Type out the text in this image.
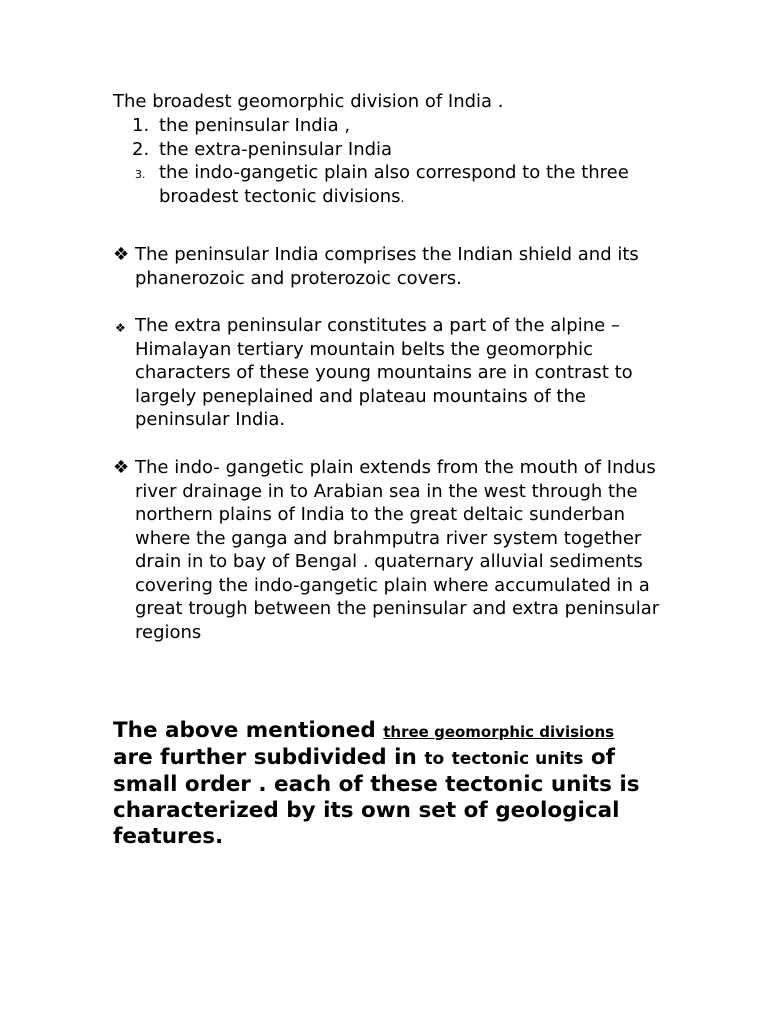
The broadest geomorphic division of India .

1. the peninsular India ,
2. the extra-peninsular India
3. the indo-gangetic plain also correspond to the three broadest tectonic divisions.

❖ The peninsular India comprises the Indian shield and its phanerozoic and proterozoic covers.

❖ The extra peninsular constitutes a part of the alpine – Himalayan tertiary mountain belts the geomorphic characters of these young mountains are in contrast to largely peneplained and plateau mountains of the peninsular India.

❖ The indo- gangetic plain extends from the mouth of Indus river drainage in to Arabian sea in the west through the northern plains of India to the great deltaic sunderban where the ganga and brahmputra river system together drain in to bay of Bengal . quaternary alluvial sediments covering the indo-gangetic plain where accumulated in a great trough between the peninsular and extra peninsular regions

The above mentioned three geomorphic divisions are further subdivided in to tectonic units of small order . each of these tectonic units is characterized by its own set of geological features.
